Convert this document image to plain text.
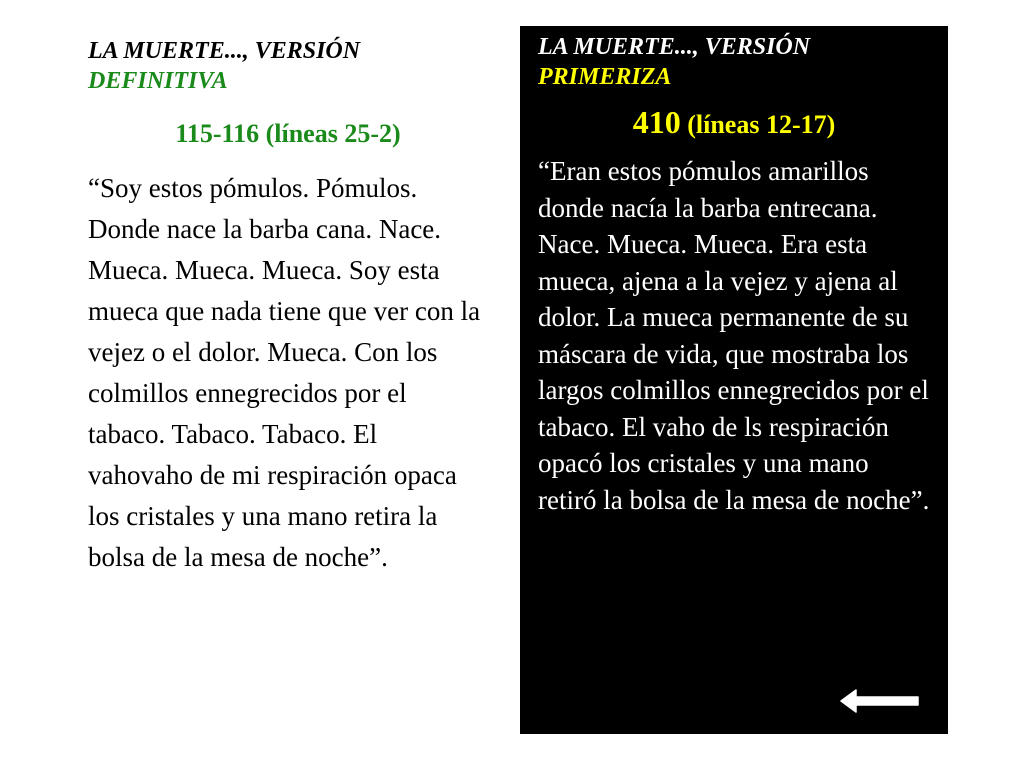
LA MUERTE..., VERSIÓN
DEFINITIVA
115-116 (líneas 25-2)
“Soy estos pómulos. Pómulos. Donde nace la barba cana. Nace. Mueca. Mueca. Mueca. Soy esta mueca que nada tiene que ver con la vejez o el dolor. Mueca. Con los colmillos ennegrecidos por el tabaco. Tabaco. Tabaco. El vahovaho de mi respiración opaca los cristales y una mano retira la bolsa de la mesa de noche”.
LA MUERTE..., VERSIÓN
PRIMERIZA
410 (líneas 12-17)
“Eran estos pómulos amarillos donde nacía la barba entrecana. Nace. Mueca. Mueca. Era esta mueca, ajena a la vejez y ajena al dolor. La mueca permanente de su máscara de vida, que mostraba los largos colmillos ennegrecidos por el tabaco. El vaho de ls respiración opacó los cristales y una mano retiró la bolsa de la mesa de noche”.
